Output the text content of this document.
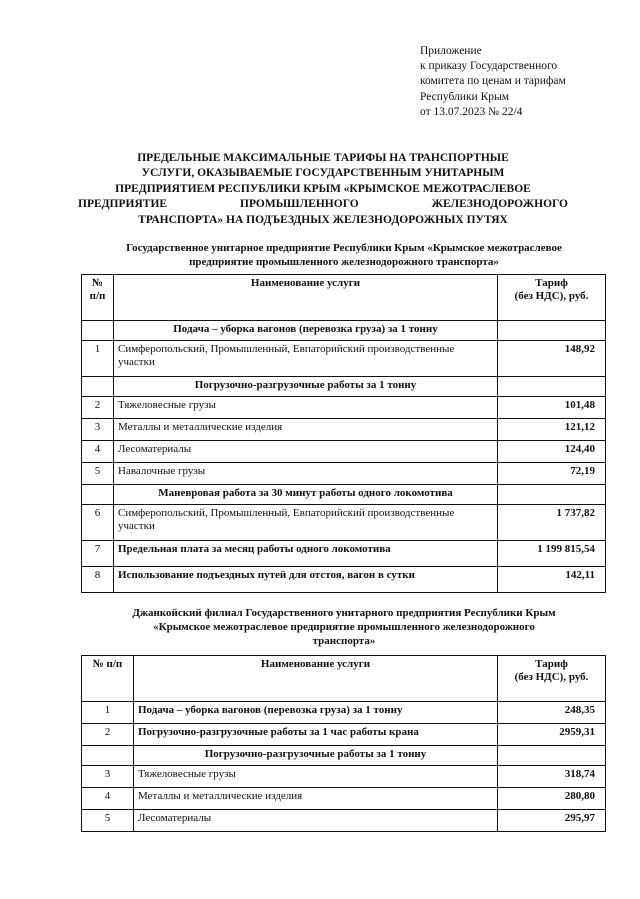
Приложение
к приказу Государственного
комитета по ценам и тарифам
Республики Крым
от 13.07.2023 № 22/4
ПРЕДЕЛЬНЫЕ МАКСИМАЛЬНЫЕ ТАРИФЫ НА ТРАНСПОРТНЫЕ
УСЛУГИ, ОКАЗЫВАЕМЫЕ ГОСУДАРСТВЕННЫМ УНИТАРНЫМ
ПРЕДПРИЯТИЕМ РЕСПУБЛИКИ КРЫМ «КРЫМСКОЕ МЕЖОТРАСЛЕВОЕ
ПРЕДПРИЯТИЕ	ПРОМЫШЛЕННОГО	ЖЕЛЕЗНОДОРОЖНОГО
ТРАНСПОРТА» НА ПОДЪЕЗДНЫХ ЖЕЛЕЗНОДОРОЖНЫХ ПУТЯХ
Государственное унитарное предприятие Республики Крым «Крымское межотраслевое
предприятие промышленного железнодорожного транспорта»
№
п/п	Наименование услуги	Тариф
(без НДС), руб.
	Подача – уборка вагонов (перевозка груза) за 1 тонну	
1	Симферопольский, Промышленный, Евпаторийский производственные участки	148,92
	Погрузочно-разгрузочные работы за 1 тонну	
2	Тяжеловесные грузы	101,48
3	Металлы и металлические изделия	121,12
4	Лесоматериалы	124,40
5	Навалочные грузы	72,19
	Маневровая работа за 30 минут работы одного локомотива	
6	Симферопольский, Промышленный, Евпаторийский производственные участки	1 737,82
7	Предельная плата за месяц работы одного локомотива	1 199 815,54
8	Использование подъездных путей для отстоя, вагон в сутки	142,11
Джанкойский филиал Государственного унитарного предприятия Республики Крым
«Крымское межотраслевое предприятие промышленного железнодорожного
транспорта»
№ п/п	Наименование услуги	Тариф
(без НДС), руб.
1	Подача – уборка вагонов (перевозка груза) за 1 тонну	248,35
2	Погрузочно-разгрузочные работы за 1 час работы крана	2959,31
	Погрузочно-разгрузочные работы за 1 тонну	
3	Тяжеловесные грузы	318,74
4	Металлы и металлические изделия	280,80
5	Лесоматериалы	295,97
